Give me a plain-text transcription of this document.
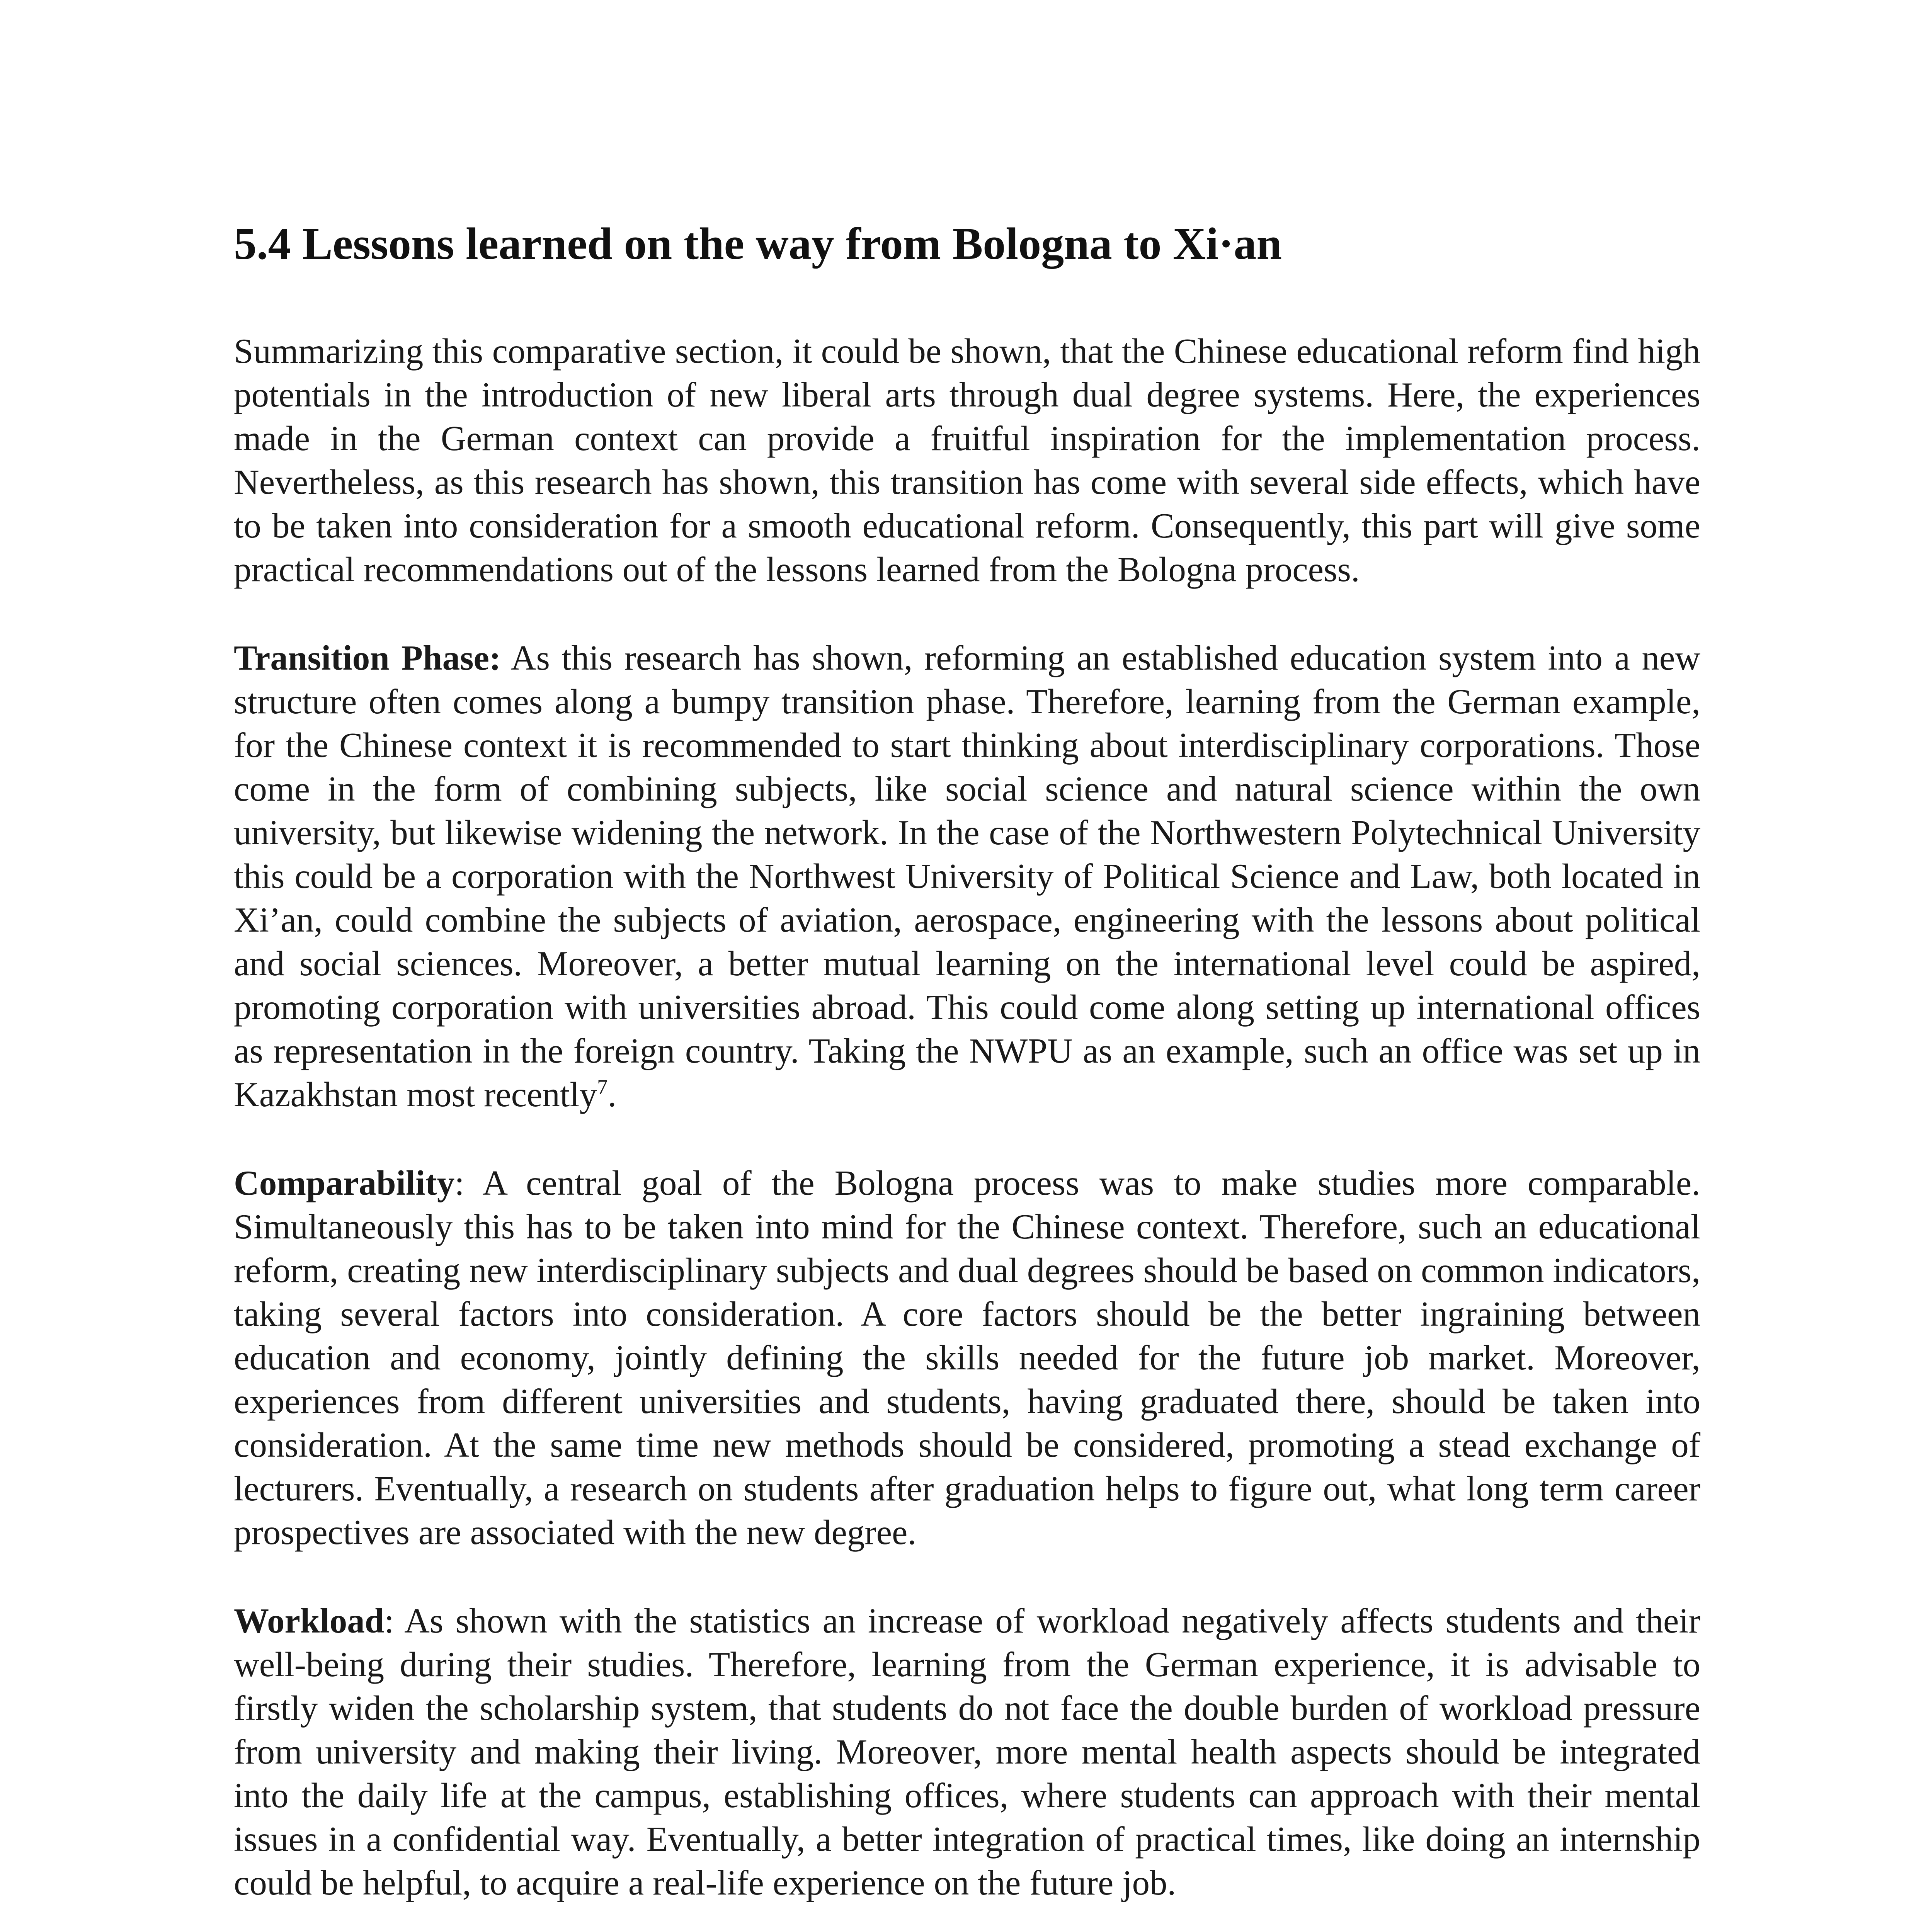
5.4 Lessons learned on the way from Bologna to Xi·an

Summarizing this comparative section, it could be shown, that the Chinese educational reform find high potentials in the introduction of new liberal arts through dual degree systems. Here, the experiences made in the German context can provide a fruitful inspiration for the implementation process. Nevertheless, as this research has shown, this transition has come with several side effects, which have to be taken into consideration for a smooth educational reform. Consequently, this part will give some practical recommendations out of the lessons learned from the Bologna process.

Transition Phase: As this research has shown, reforming an established education system into a new structure often comes along a bumpy transition phase. Therefore, learning from the German example, for the Chinese context it is recommended to start thinking about interdisciplinary corporations. Those come in the form of combining subjects, like social science and natural science within the own university, but likewise widening the network. In the case of the Northwestern Polytechnical University this could be a corporation with the Northwest University of Political Science and Law, both located in Xi’an, could combine the subjects of aviation, aerospace, engineering with the lessons about political and social sciences. Moreover, a better mutual learning on the international level could be aspired, promoting corporation with universities abroad. This could come along setting up international offices as representation in the foreign country. Taking the NWPU as an example, such an office was set up in Kazakhstan most recently$^7$.

Comparability: A central goal of the Bologna process was to make studies more comparable. Simultaneously this has to be taken into mind for the Chinese context. Therefore, such an educational reform, creating new interdisciplinary subjects and dual degrees should be based on common indicators, taking several factors into consideration. A core factors should be the better ingraining between education and economy, jointly defining the skills needed for the future job market. Moreover, experiences from different universities and students, having graduated there, should be taken into consideration. At the same time new methods should be considered, promoting a stead exchange of lecturers. Eventually, a research on students after graduation helps to figure out, what long term career prospectives are associated with the new degree.

Workload: As shown with the statistics an increase of workload negatively affects students and their well-being during their studies. Therefore, learning from the German experience, it is advisable to firstly widen the scholarship system, that students do not face the double burden of workload pressure from university and making their living. Moreover, more mental health aspects should be integrated into the daily life at the campus, establishing offices, where students can approach with their mental issues in a confidential way. Eventually, a better integration of practical times, like doing an internship could be helpful, to acquire a real-life experience on the future job.
